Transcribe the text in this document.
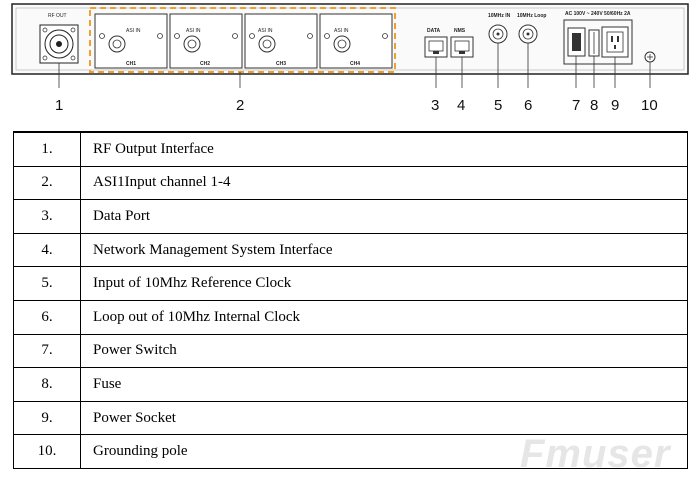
RF OUT
ASI IN
CH1
ASI IN
CH2
ASI IN
CH3
ASI IN
CH4
DATA	NMS
10MHz IN 10MHz Loop	AC 100V ~ 240V 50/60Hz 2A
1	2	3 4 5 6	7 8 9 10
1.	RF Output Interface
2.	ASI1Input channel 1-4
3.	Data Port
4.	Network Management System Interface
5.	Input of 10Mhz Reference Clock
6.	Loop out of 10Mhz Internal Clock
7.	Power Switch
8.	Fuse
9.	Power Socket
10.	Grounding pole	Fmuser
